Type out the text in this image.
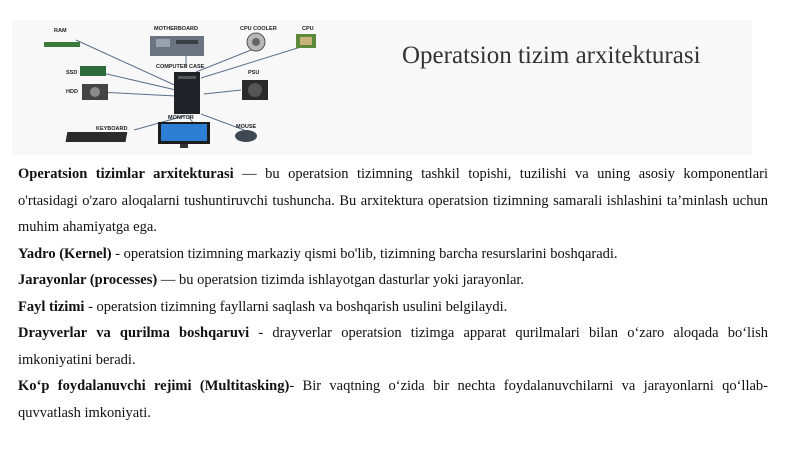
RAM	MOTHERBOARD	CPU COOLER	CPU
SSD
HDD
COMPUTER CASE
PSU
MONITOR
KEYBOARD	MOUSE
Operatsion tizim arxitekturasi

Operatsion tizimlar arxitekturasi — bu operatsion tizimning tashkil topishi, tuzilishi va uning asosiy komponentlari o'rtasidagi o'zaro aloqalarni tushuntiruvchi tushuncha. Bu arxitektura operatsion tizimning samarali ishlashini ta’minlash uchun muhim ahamiyatga ega.

Yadro (Kernel) - operatsion tizimning markaziy qismi bo'lib, tizimning barcha resurslarini boshqaradi.

Jarayonlar (processes) — bu operatsion tizimda ishlayotgan dasturlar yoki jarayonlar.

Fayl tizimi - operatsion tizimning fayllarni saqlash va boshqarish usulini belgilaydi.

Drayverlar va qurilma boshqaruvi - drayverlar operatsion tizimga apparat qurilmalari bilan o‘zaro aloqada bo‘lish imkoniyatini beradi.

Ko‘p foydalanuvchi rejimi (Multitasking)- Bir vaqtning o‘zida bir nechta foydalanuvchilarni va jarayonlarni qo‘llab-quvvatlash imkoniyati.
